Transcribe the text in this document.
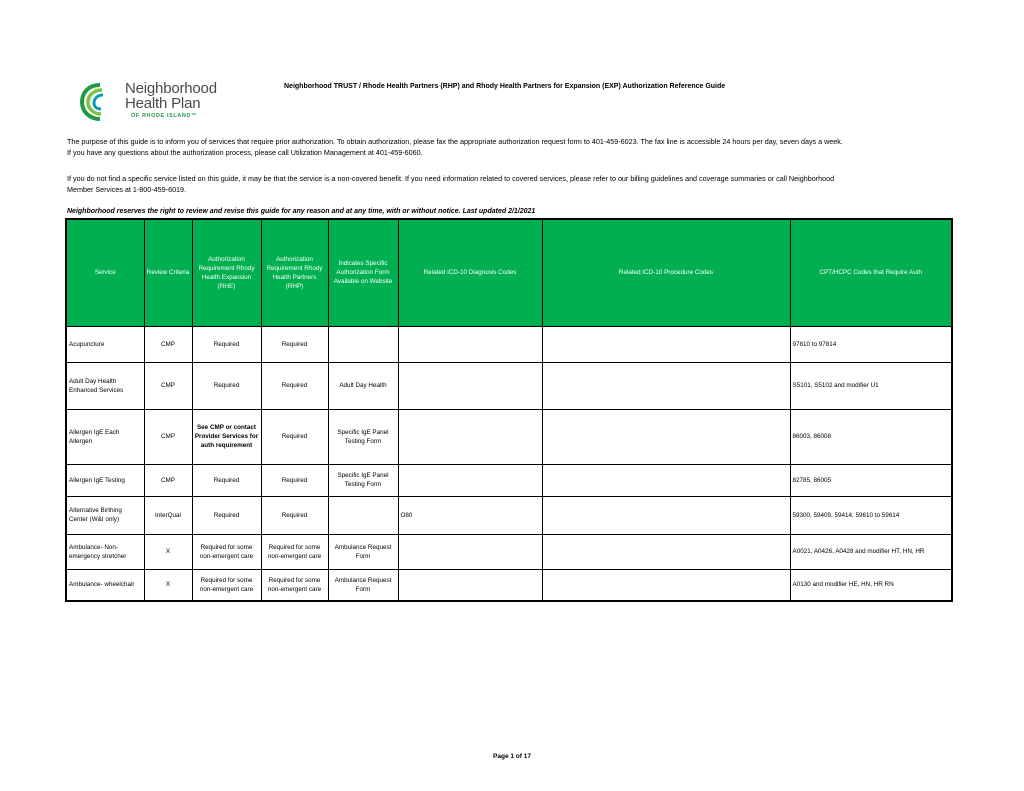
Neighborhood
Health Plan
OF RHODE ISLAND™
Neighborhood TRUST / Rhode Health Partners (RHP) and Rhody Health Partners for Expansion (EXP) Authorization Reference Guide
The purpose of this guide is to inform you of services that require prior authorization. To obtain authorization, please fax the appropriate authorization request form to 401-459-6023. The fax line is accessible 24 hours per day, seven days a week.
If you have any questions about the authorization process, please call Utilization Management at 401-459-6060.
If you do not find a specific service listed on this guide, it may be that the service is a non-covered benefit. If you need information related to covered services, please refer to our billing guidelines and coverage summaries or call Neighborhood
Member Services at 1-800-459-6019.
Neighborhood reserves the right to review and revise this guide for any reason and at any time, with or without notice. Last updated 2/1/2021
Service	Review Criteria	Authorization Requirement Rhody Health Expansion (RHE)	Authorization Requirement Rhody Health Partners (RHP)	Indicates Specific Authorization Form Available on Website	Related ICD-10 Diagnosis Codes	Related ICD-10 Procedure Codes	CPT/HCPC Codes that Require Auth
Acupuncture	CMP	Required	Required				97810 to 97814
Adult Day Health Enhanced Services	CMP	Required	Required	Adult Day Health			S5101, S5102 and modifier U1
Allergen IgE Each Allergen	CMP	See CMP or contact Provider Services for auth requirement	Required	Specific IgE Panel Testing Form			86003, 86008
Allergen IgE Testing	CMP	Required	Required	Specific IgE Panel Testing Form			82785, 86005
Alternative Birthing Center (W&I only)	InterQual	Required	Required		O80		59300, 59409, 59414, 59610 to 59614
Ambulance- Non-emergency stretcher	X	Required for some non-emergent care	Required for some non-emergent care	Ambulance Request Form			A0021, A0426, A0428 and modifier HT, HN, HR
Ambulance- wheelchair	X	Required for some non-emergent care	Required for some non-emergent care	Ambulance Request Form			A0130 and modifier HE, HN, HR RN
Page 1 of 17
